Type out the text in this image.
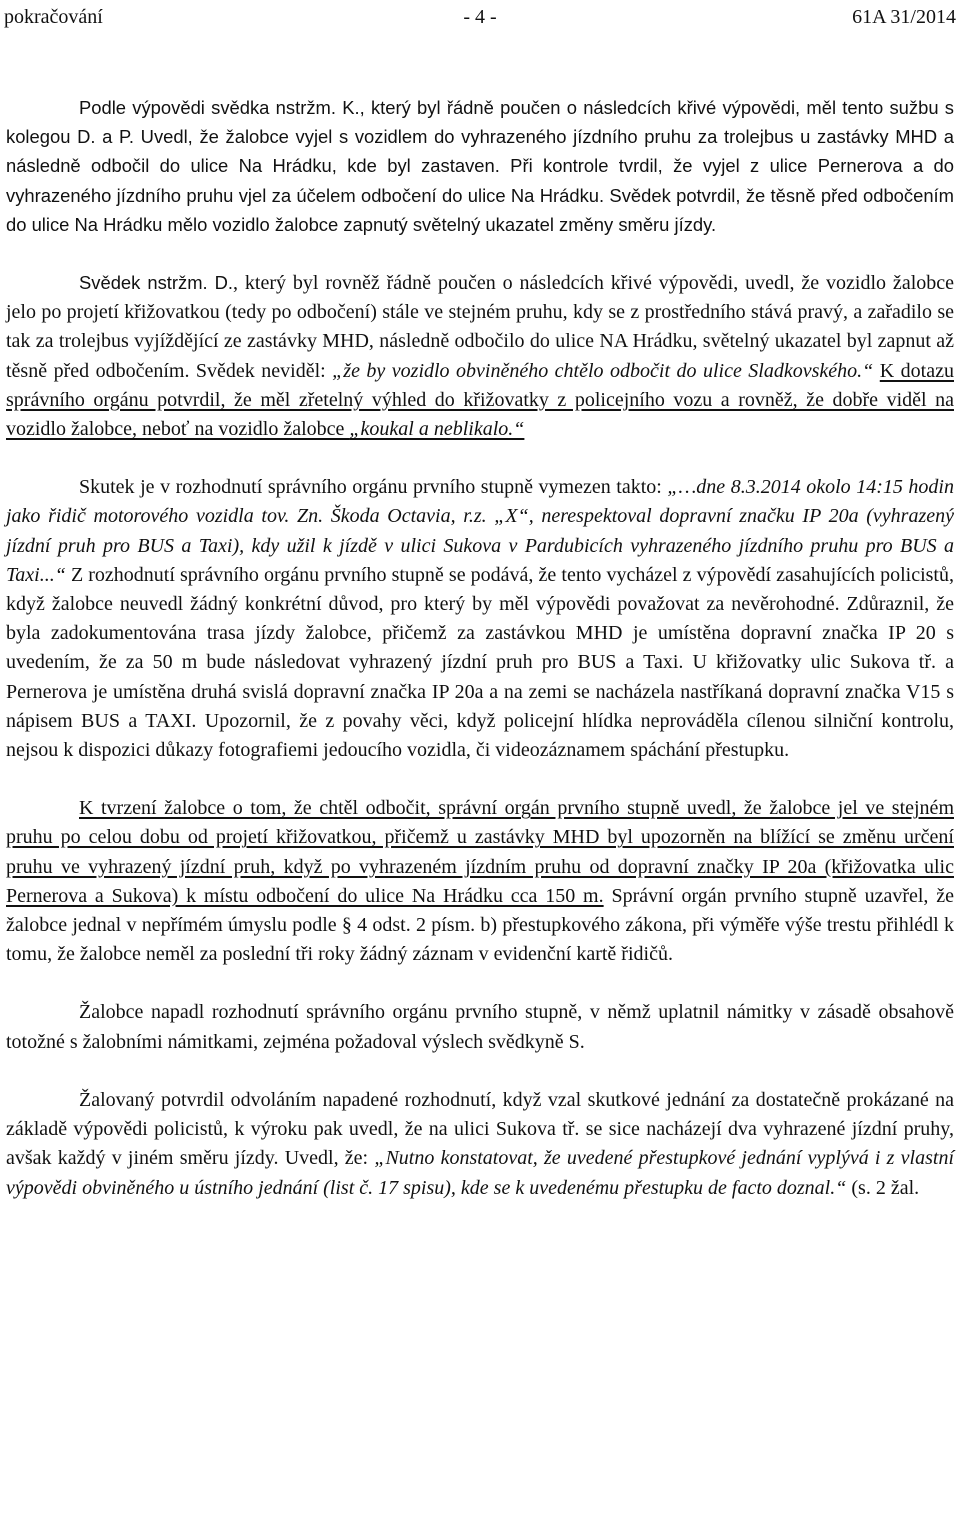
pokračování	- 4 -	61A 31/2014

Podle výpovědi svědka nstržm. K., který byl řádně poučen o následcích křivé výpovědi, měl tento sužbu s kolegou D. a P. Uvedl, že žalobce vyjel s vozidlem do vyhrazeného jízdního pruhu za trolejbus u zastávky MHD a následně odbočil do ulice Na Hrádku, kde byl zastaven. Při kontrole tvrdil, že vyjel z ulice Pernerova a do vyhrazeného jízdního pruhu vjel za účelem odbočení do ulice Na Hrádku. Svědek potvrdil, že těsně před odbočením do ulice Na Hrádku mělo vozidlo žalobce zapnutý světelný ukazatel změny směru jízdy.

Svědek nstržm. D., který byl rovněž řádně poučen o následcích křivé výpovědi, uvedl, že vozidlo žalobce jelo po projetí křižovatkou (tedy po odbočení) stále ve stejném pruhu, kdy se z prostředního stává pravý, a zařadilo se tak za trolejbus vyjíždějící ze zastávky MHD, následně odbočilo do ulice NA Hrádku, světelný ukazatel byl zapnut až těsně před odbočením. Svědek neviděl: „že by vozidlo obviněného chtělo odbočit do ulice Sladkovského.“ K dotazu správního orgánu potvrdil, že měl zřetelný výhled do křižovatky z policejního vozu a rovněž, že dobře viděl na vozidlo žalobce, neboť na vozidlo žalobce „koukal a neblikalo.“

Skutek je v rozhodnutí správního orgánu prvního stupně vymezen takto: „…dne 8.3.2014 okolo 14:15 hodin jako řidič motorového vozidla tov. Zn. Škoda Octavia, r.z. „X“, nerespektoval dopravní značku IP 20a (vyhrazený jízdní pruh pro BUS a Taxi), kdy užil k jízdě v ulici Sukova v Pardubicích vyhrazeného jízdního pruhu pro BUS a Taxi...“ Z rozhodnutí správního orgánu prvního stupně se podává, že tento vycházel z výpovědí zasahujících policistů, když žalobce neuvedl žádný konkrétní důvod, pro který by měl výpovědi považovat za nevěrohodné. Zdůraznil, že byla zadokumentována trasa jízdy žalobce, přičemž za zastávkou MHD je umístěna dopravní značka IP 20 s uvedením, že za 50 m bude následovat vyhrazený jízdní pruh pro BUS a Taxi. U křižovatky ulic Sukova tř. a Pernerova je umístěna druhá svislá dopravní značka IP 20a a na zemi se nacházela nastříkaná dopravní značka V15 s nápisem BUS a TAXI. Upozornil, že z povahy věci, když policejní hlídka neprováděla cílenou silniční kontrolu, nejsou k dispozici důkazy fotografiemi jedoucího vozidla, či videozáznamem spáchání přestupku.

K tvrzení žalobce o tom, že chtěl odbočit, správní orgán prvního stupně uvedl, že žalobce jel ve stejném pruhu po celou dobu od projetí křižovatkou, přičemž u zastávky MHD byl upozorněn na blížící se změnu určení pruhu ve vyhrazený jízdní pruh, když po vyhrazeném jízdním pruhu od dopravní značky IP 20a (křižovatka ulic Pernerova a Sukova) k místu odbočení do ulice Na Hrádku cca 150 m. Správní orgán prvního stupně uzavřel, že žalobce jednal v nepřímém úmyslu podle § 4 odst. 2 písm. b) přestupkového zákona, při výměře výše trestu přihlédl k tomu, že žalobce neměl za poslední tři roky žádný záznam v evidenční kartě řidičů.

Žalobce napadl rozhodnutí správního orgánu prvního stupně, v němž uplatnil námitky v zásadě obsahově totožné s žalobními námitkami, zejména požadoval výslech svědkyně S.

Žalovaný potvrdil odvoláním napadené rozhodnutí, když vzal skutkové jednání za dostatečně prokázané na základě výpovědi policistů, k výroku pak uvedl, že na ulici Sukova tř. se sice nacházejí dva vyhrazené jízdní pruhy, avšak každý v jiném směru jízdy. Uvedl, že: „Nutno konstatovat, že uvedené přestupkové jednání vyplývá i z vlastní výpovědi obviněného u ústního jednání (list č. 17 spisu), kde se k uvedenému přestupku de facto doznal.“ (s. 2 žal.
